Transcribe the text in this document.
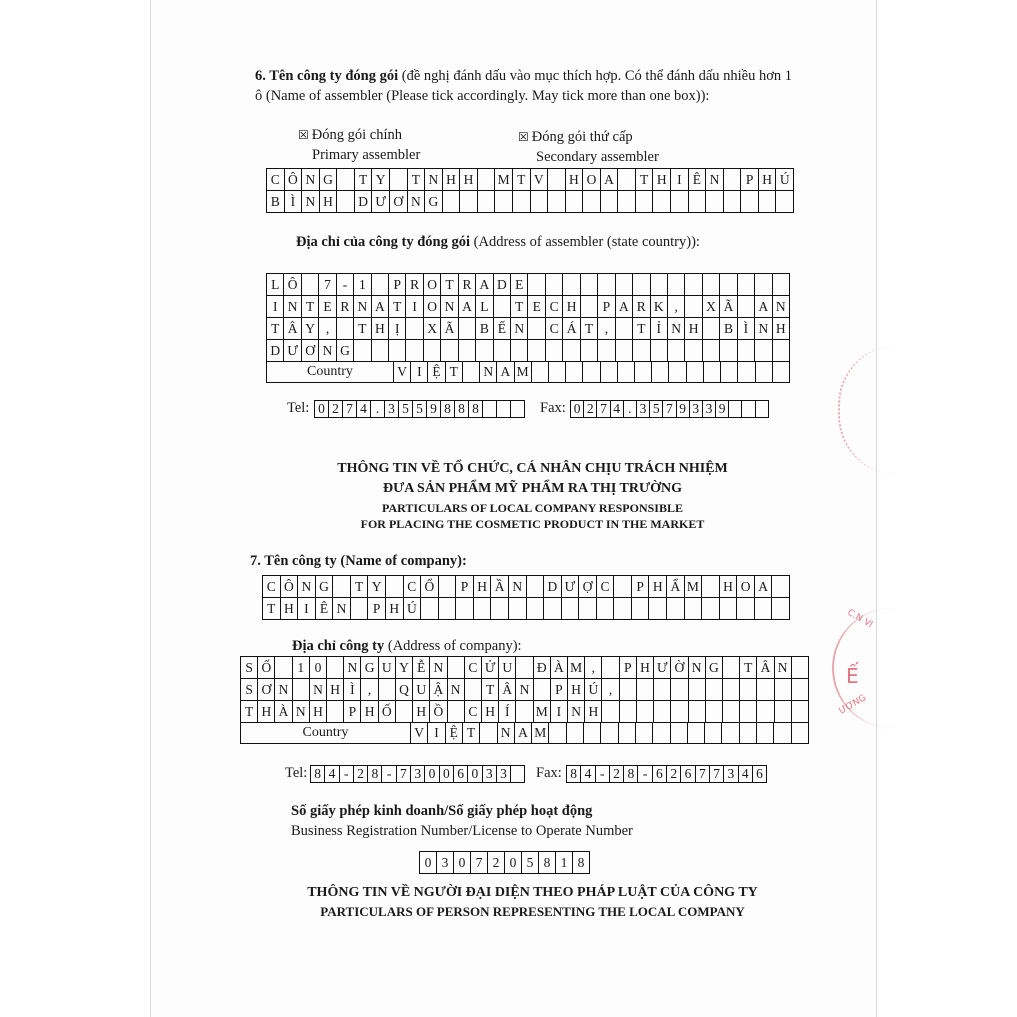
6. Tên công ty đóng gói (đề nghị đánh dấu vào mục thích hợp. Có thể đánh dấu nhiều hơn 1
ô (Name of assembler (Please tick accordingly. May tick more than one box)):
☒ Đóng gói chính
Primary assembler
☒ Đóng gói thứ cấp
Secondary assembler
C Ô N G	T Y	T N H H	M T V	H O A	T H I Ê N	P H Ú
B Ì N H	D Ư Ơ N G
Địa chỉ của công ty đóng gói (Address of assembler (state country)):
L Ô	7 - 1	P R O T R A D E
I N T E R N A T I O N A L	T E C H	P A R K ,	X Ã	A N
T Â Y ,	T H Ị	X Ã	B Ế N	C Á T ,	T Ỉ N H	B Ì N H
D Ư Ơ N G
Country	V I Ệ T	N A M
Tel: 0 2 7 4 . 3 5 5 9 8 8 8	Fax: 0 2 7 4 . 3 5 7 9 3 3 9
THÔNG TIN VỀ TỔ CHỨC, CÁ NHÂN CHỊU TRÁCH NHIỆM
ĐƯA SẢN PHẨM MỸ PHẨM RA THỊ TRƯỜNG
PARTICULARS OF LOCAL COMPANY RESPONSIBLE
FOR PLACING THE COSMETIC PRODUCT IN THE MARKET
7. Tên công ty (Name of company):
C Ô N G	T Y	C Ổ	P H Ầ N	D Ư Ợ C	P H Ẩ M H O A
T H I Ê N	P H Ú
Địa chỉ công ty (Address of company):
S Ố	1 0	N G U Y Ễ N	C Ử U	Đ À M ,	P H Ư Ờ N G	T Â N
S Ơ N	N H Ì ,	Q U Ậ N	T Â N	P H Ú ,
T H À N H	P H Ố	H Ồ	C H Í	M I N H
Country	V I Ệ T	N A M
Tel: 8 4 - 2 8 - 7 3 0 0 6 0 3 3 Fax: 8 4 - 2 8 - 6 2 6 7 7 3 4 6
Số giấy phép kinh doanh/Số giấy phép hoạt động
Business Registration Number/License to Operate Number
0 3 0 7 2 0 5 8 1 8
THÔNG TIN VỀ NGƯỜI ĐẠI DIỆN THEO PHÁP LUẬT CỦA CÔNG TY
PARTICULARS OF PERSON REPRESENTING THE LOCAL COMPANY
C.N VI
Ế
ƯƠNG
